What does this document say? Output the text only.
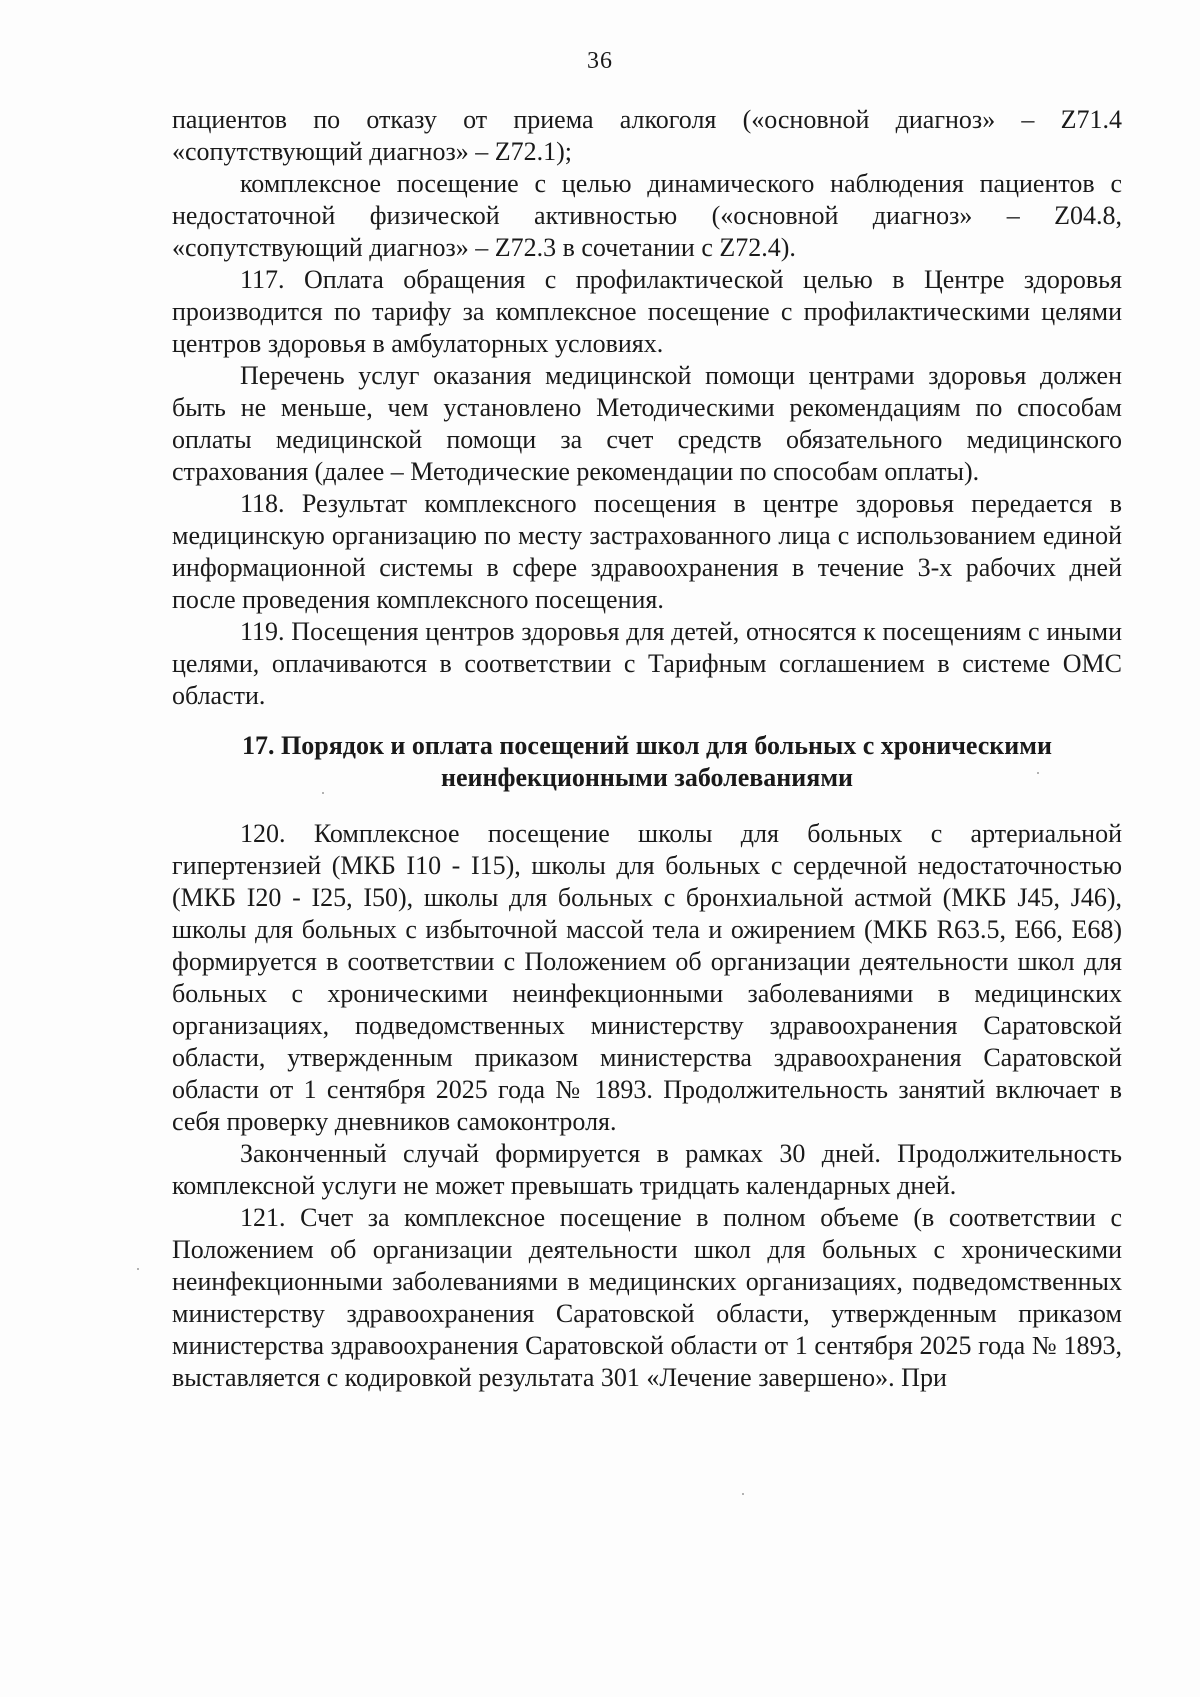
36

пациентов по отказу от приема алкоголя («основной диагноз» – Z71.4 «сопутствующий диагноз» – Z72.1);

комплексное посещение с целью динамического наблюдения пациентов с недостаточной физической активностью («основной диагноз» – Z04.8, «сопутствующий диагноз» – Z72.3 в сочетании с Z72.4).

117. Оплата обращения с профилактической целью в Центре здоровья производится по тарифу за комплексное посещение с профилактическими целями центров здоровья в амбулаторных условиях.

Перечень услуг оказания медицинской помощи центрами здоровья должен быть не меньше, чем установлено Методическими рекомендациям по способам оплаты медицинской помощи за счет средств обязательного медицинского страхования (далее – Методические рекомендации по способам оплаты).

118. Результат комплексного посещения в центре здоровья передается в медицинскую организацию по месту застрахованного лица с использованием единой информационной системы в сфере здравоохранения в течение 3-х рабочих дней после проведения комплексного посещения.

119. Посещения центров здоровья для детей, относятся к посещениям с иными целями, оплачиваются в соответствии с Тарифным соглашением в системе ОМС области.

17. Порядок и оплата посещений школ для больных с хроническими
неинфекционными заболеваниями

120. Комплексное посещение школы для больных с артериальной гипертензией (МКБ I10 - I15), школы для больных с сердечной недостаточностью (МКБ I20 - I25, I50), школы для больных с бронхиальной астмой (МКБ J45, J46), школы для больных с избыточной массой тела и ожирением (МКБ R63.5, E66, E68) формируется в соответствии с Положением об организации деятельности школ для больных с хроническими неинфекционными заболеваниями в медицинских организациях, подведомственных министерству здравоохранения Саратовской области, утвержденным приказом министерства здравоохранения Саратовской области от 1 сентября 2025 года № 1893. Продолжительность занятий включает в себя проверку дневников самоконтроля.

Законченный случай формируется в рамках 30 дней. Продолжительность комплексной услуги не может превышать тридцать календарных дней.

121. Счет за комплексное посещение в полном объеме (в соответствии с Положением об организации деятельности школ для больных с хроническими неинфекционными заболеваниями в медицинских организациях, подведомственных министерству здравоохранения Саратовской области, утвержденным приказом министерства здравоохранения Саратовской области от 1 сентября 2025 года № 1893, выставляется с кодировкой результата 301 «Лечение завершено». При
